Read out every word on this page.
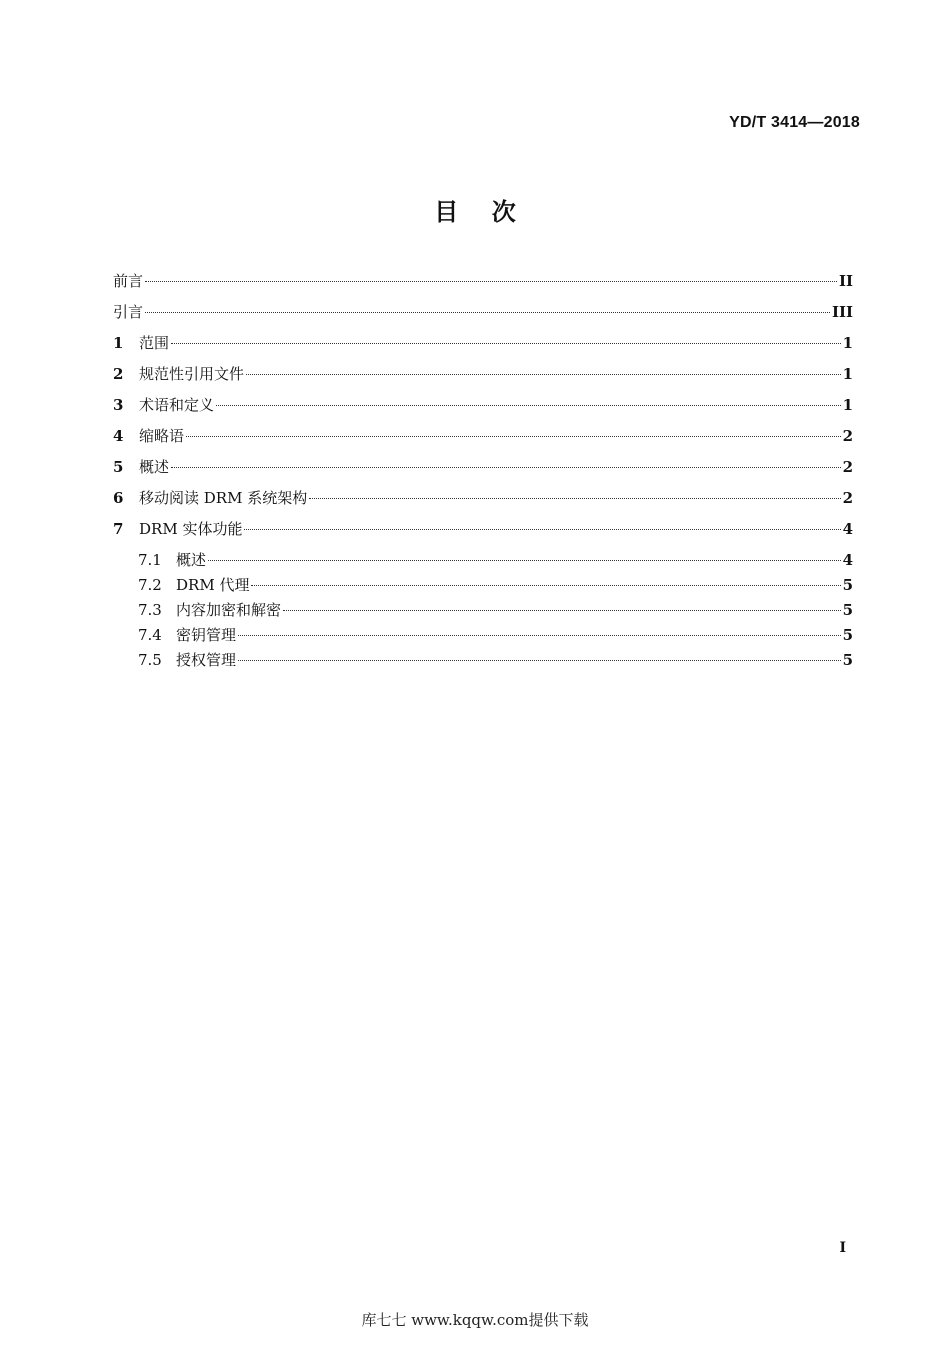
YD/T 3414—2018
目    次
前言	II
引言	III
1	范围	1
2	规范性引用文件	1
3	术语和定义	1
4	缩略语	2
5	概述	2
6	移动阅读 DRM 系统架构	2
7	DRM 实体功能	4
7.1 概述	4
7.2 DRM 代理	5
7.3 内容加密和解密	5
7.4 密钥管理	5
7.5 授权管理	5
I
库七七 www.kqqw.com提供下载
